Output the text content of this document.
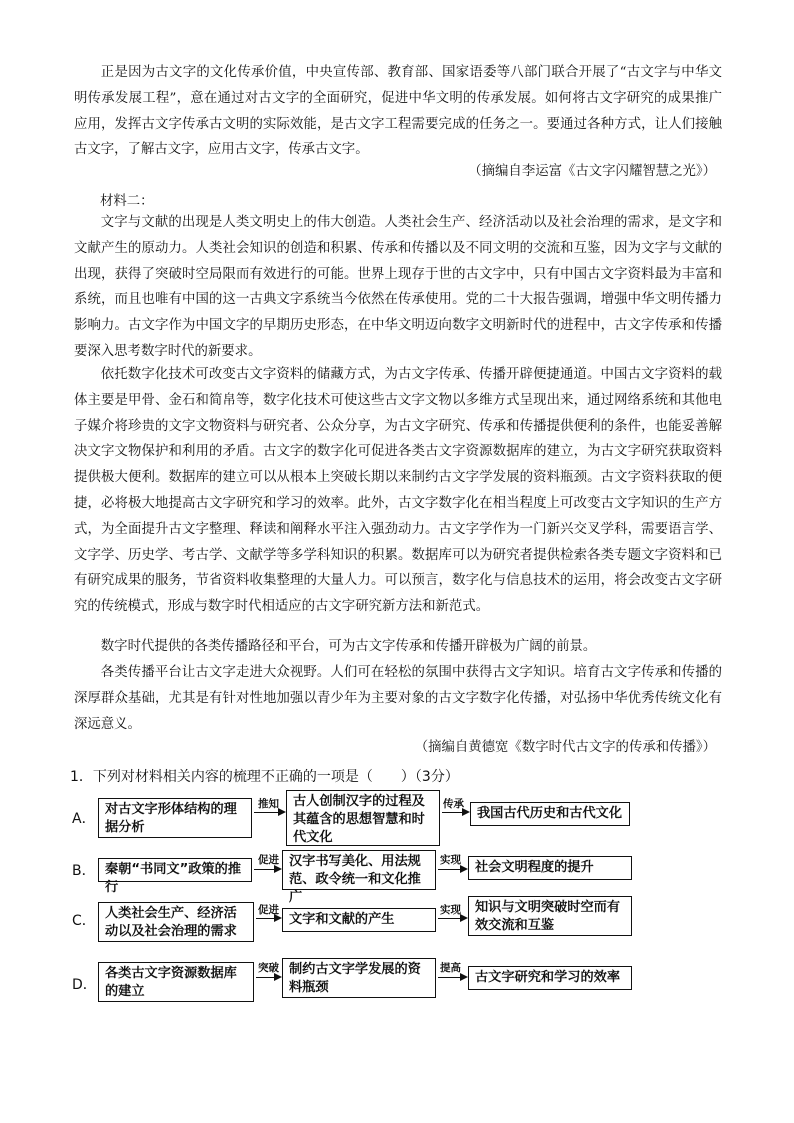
正是因为古文字的文化传承价值，中央宣传部、教育部、国家语委等八部门联合开展了“古文字与中华文明传承发展工程”，意在通过对古文字的全面研究，促进中华文明的传承发展。如何将古文字研究的成果推广应用，发挥古文字传承古文明的实际效能，是古文字工程需要完成的任务之一。要通过各种方式，让人们接触古文字，了解古文字，应用古文字，传承古文字。

（摘编自李运富《古文字闪耀智慧之光》）
材料二：

文字与文献的出现是人类文明史上的伟大创造。人类社会生产、经济活动以及社会治理的需求，是文字和文献产生的原动力。人类社会知识的创造和积累、传承和传播以及不同文明的交流和互鉴，因为文字与文献的出现，获得了突破时空局限而有效进行的可能。世界上现存于世的古文字中，只有中国古文字资料最为丰富和系统，而且也唯有中国的这一古典文字系统当今依然在传承使用。党的二十大报告强调，增强中华文明传播力影响力。古文字作为中国文字的早期历史形态，在中华文明迈向数字文明新时代的进程中，古文字传承和传播要深入思考数字时代的新要求。

依托数字化技术可改变古文字资料的储藏方式，为古文字传承、传播开辟便捷通道。中国古文字资料的载体主要是甲骨、金石和简帛等，数字化技术可使这些古文字文物以多维方式呈现出来，通过网络系统和其他电子媒介将珍贵的文字文物资料与研究者、公众分享，为古文字研究、传承和传播提供便利的条件，也能妥善解决文字文物保护和利用的矛盾。古文字的数字化可促进各类古文字资源数据库的建立，为古文字研究获取资料提供极大便利。数据库的建立可以从根本上突破长期以来制约古文字学发展的资料瓶颈。古文字资料获取的便捷，必将极大地提高古文字研究和学习的效率。此外，古文字数字化在相当程度上可改变古文字知识的生产方式，为全面提升古文字整理、释读和阐释水平注入强劲动力。古文字学作为一门新兴交叉学科，需要语言学、文字学、历史学、考古学、文献学等多学科知识的积累。数据库可以为研究者提供检索各类专题文字资料和已有研究成果的服务，节省资料收集整理的大量人力。可以预言，数字化与信息技术的运用，将会改变古文字研究的传统模式，形成与数字时代相适应的古文字研究新方法和新范式。

数字时代提供的各类传播路径和平台，可为古文字传承和传播开辟极为广阔的前景。

各类传播平台让古文字走进大众视野。人们可在轻松的氛围中获得古文字知识。培育古文字传承和传播的深厚群众基础，尤其是有针对性地加强以青少年为主要对象的古文字数字化传播，对弘扬中华优秀传统文化有深远意义。

（摘编自黄德宽《数字时代古文字的传承和传播》）
1．下列对材料相关内容的梳理不正确的一项是（　　）（3分）
A．
对古文字形体结构的理据分析
推知	古人创制汉字的过程及其蕴含的思想智慧和时代文化
传承
我国古代历史和古代文化
B． 秦朝“书同文”政策的推行
促进 汉字书写美化、用法规范、政令统一和文化推广
实现	社会文明程度的提升
C． 人类社会生产、经济活动以及社会治理的需求
促进
文字和文献的产生
实现	知识与文明突破时空而有效交流和互鉴
D．
各类古文字资源数据库的建立
突破 制约古文字学发展的资料瓶颈
提高
古文字研究和学习的效率
